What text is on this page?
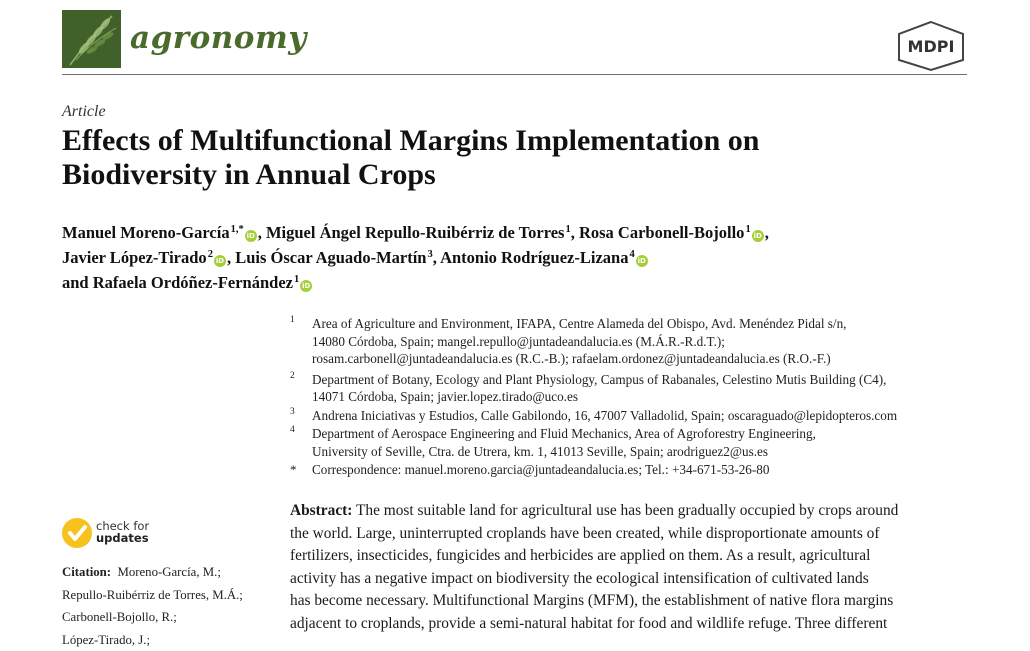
agronomy	MDPI
Article
Effects of Multifunctional Margins Implementation on
Biodiversity in Annual Crops
Manuel Moreno-García$^{1,*}$iD , Miguel Ángel Repullo-Ruibérriz de Torres$^1$, Rosa Carbonell-Bojollo$^1$iD ,
Javier López-Tirado$^2$iD , Luis Óscar Aguado-Martín$^3$, Antonio Rodríguez-Lizana$^4$iD
and Rafaela Ordóñez-Fernández$^1$iD
1 Area of Agriculture and Environment, IFAPA, Centre Alameda del Obispo, Avd. Menéndez Pidal s/n,
14080 Córdoba, Spain; mangel.repullo@juntadeandalucia.es (M.Á.R.-R.d.T.);
rosam.carbonell@juntadeandalucia.es (R.C.-B.); rafaelam.ordonez@juntadeandalucia.es (R.O.-F.)
2 Department of Botany, Ecology and Plant Physiology, Campus of Rabanales, Celestino Mutis Building (C4),
14071 Córdoba, Spain; javier.lopez.tirado@uco.es
3 Andrena Iniciativas y Estudios, Calle Gabilondo, 16, 47007 Valladolid, Spain; oscaraguado@lepidopteros.com
4 Department of Aerospace Engineering and Fluid Mechanics, Area of Agroforestry Engineering,
University of Seville, Ctra. de Utrera, km. 1, 41013 Seville, Spain; arodriguez2@us.es
* Correspondence: manuel.moreno.garcia@juntadeandalucia.es; Tel.: +34-671-53-26-80
check for
updates
Citation: Moreno-García, M.;
Repullo-Ruibérriz de Torres, M.Á.;
Carbonell-Bojollo, R.;
López-Tirado, J.;
Abstract: The most suitable land for agricultural use has been gradually occupied by crops around
the world. Large, uninterrupted croplands have been created, while disproportionate amounts of
fertilizers, insecticides, fungicides and herbicides are applied on them. As a result, agricultural
activity has a negative impact on biodiversity the ecological intensification of cultivated lands
has become necessary. Multifunctional Margins (MFM), the establishment of native flora margins
adjacent to croplands, provide a semi-natural habitat for food and wildlife refuge. Three different
